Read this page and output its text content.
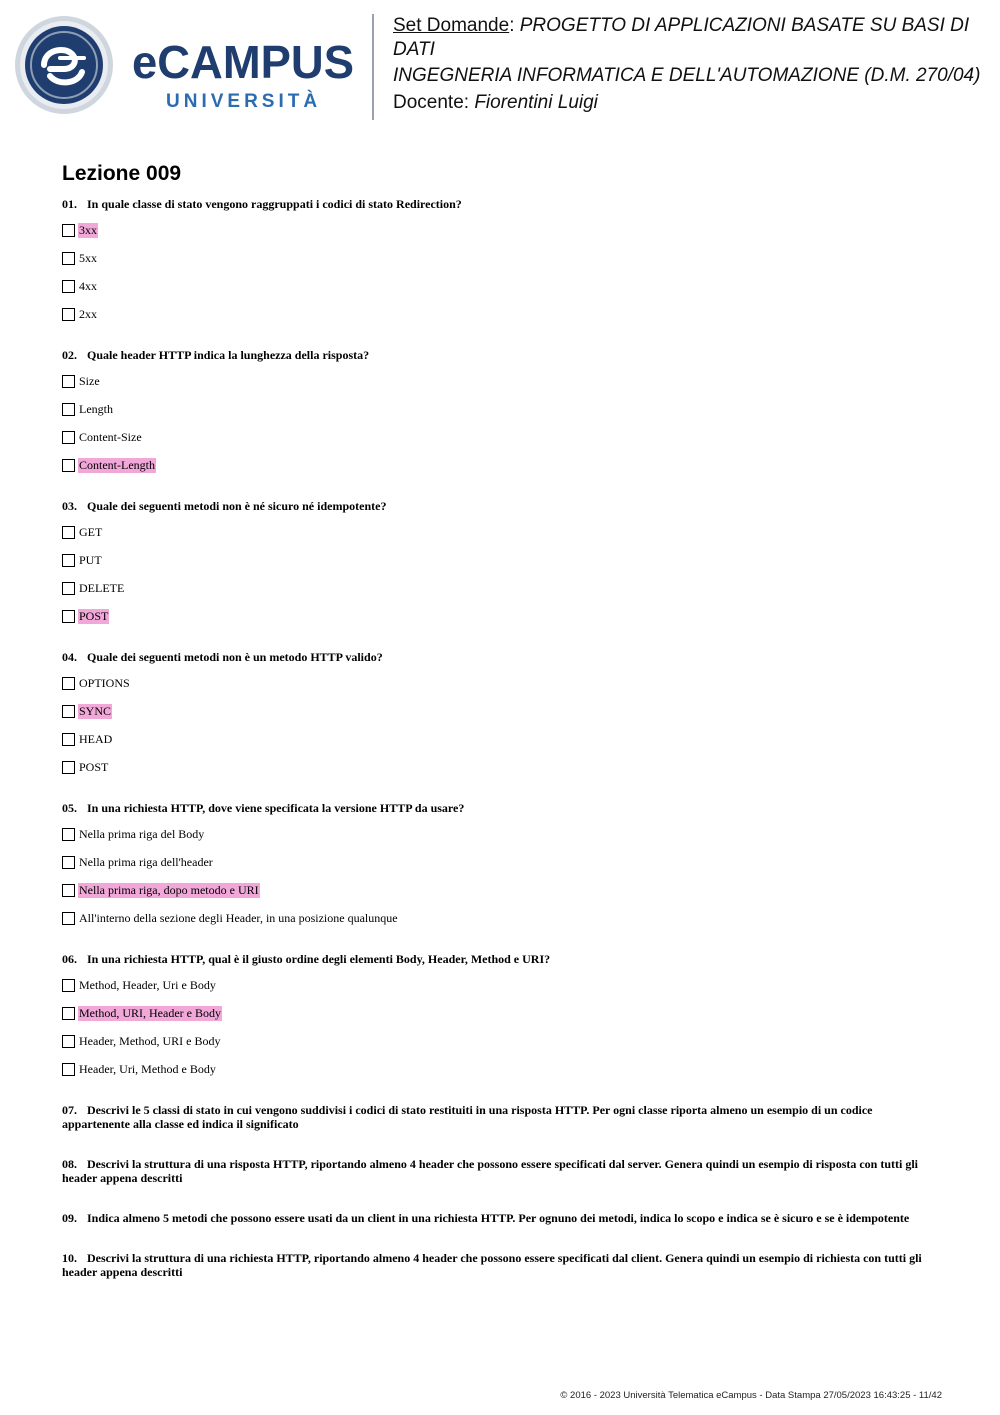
eCAMPUS
UNIVERSITÀ
Set Domande: PROGETTO DI APPLICAZIONI BASATE SU BASI DI DATI
INGEGNERIA INFORMATICA E DELL'AUTOMAZIONE (D.M. 270/04)
Docente: Fiorentini Luigi
Lezione 009

01. In quale classe di stato vengono raggruppati i codici di stato Redirection?

3xx
5xx
4xx
2xx

02. Quale header HTTP indica la lunghezza della risposta?

Size
Length
Content-Size
Content-Length

03. Quale dei seguenti metodi non è né sicuro né idempotente?

GET
PUT
DELETE
POST

04. Quale dei seguenti metodi non è un metodo HTTP valido?

OPTIONS
SYNC
HEAD
POST

05. In una richiesta HTTP, dove viene specificata la versione HTTP da usare?

Nella prima riga del Body
Nella prima riga dell'header
Nella prima riga, dopo metodo e URI
All'interno della sezione degli Header, in una posizione qualunque

06. In una richiesta HTTP, qual è il giusto ordine degli elementi Body, Header, Method e URI?

Method, Header, Uri e Body
Method, URI, Header e Body
Header, Method, URI e Body
Header, Uri, Method e Body

07. Descrivi le 5 classi di stato in cui vengono suddivisi i codici di stato restituiti in una risposta HTTP. Per ogni classe riporta almeno un esempio di un codice appartenente alla classe ed indica il significato

08. Descrivi la struttura di una risposta HTTP, riportando almeno 4 header che possono essere specificati dal server. Genera quindi un esempio di risposta con tutti gli header appena descritti

09. Indica almeno 5 metodi che possono essere usati da un client in una richiesta HTTP. Per ognuno dei metodi, indica lo scopo e indica se è sicuro e se è idempotente

10. Descrivi la struttura di una richiesta HTTP, riportando almeno 4 header che possono essere specificati dal client. Genera quindi un esempio di richiesta con tutti gli header appena descritti

© 2016 - 2023 Università Telematica eCampus - Data Stampa 27/05/2023 16:43:25 - 11/42
